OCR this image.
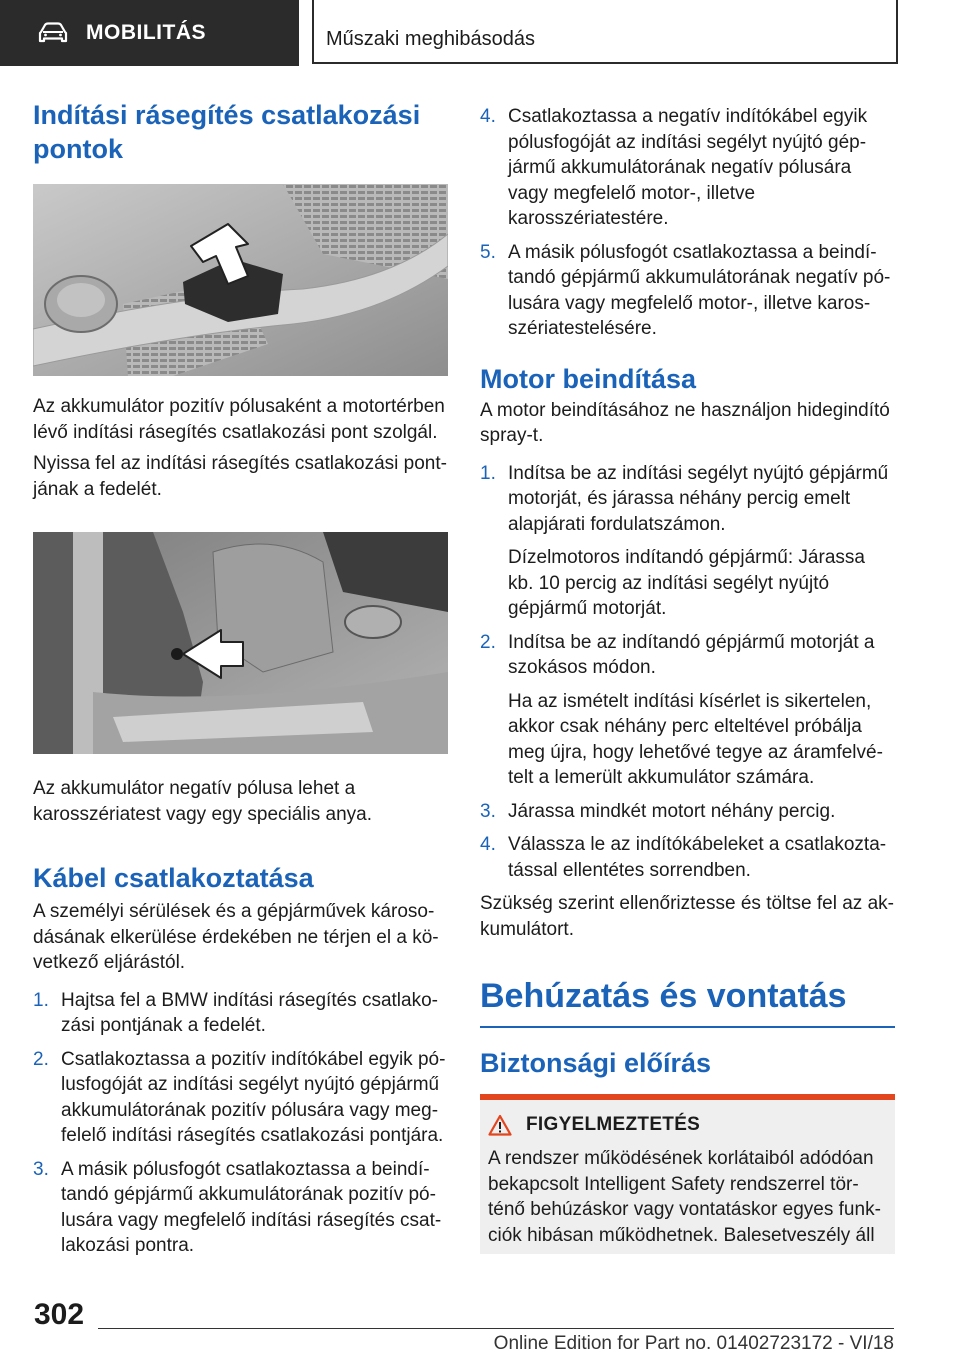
MOBILITÁS	Műszaki meghibásodás
Indítási rásegítés csatlakozási pontok

Az akkumulátor pozitív pólusaként a motortérben lévő indítási rásegítés csatlakozási pont szolgál.

Nyissa fel az indítási rásegítés csatlakozási pontjának a fedelét.

Az akkumulátor negatív pólusa lehet a karosszériatest vagy egy speciális anya.

Kábel csatlakoztatása

A személyi sérülések és a gépjárművek károsodásának elkerülése érdekében ne térjen el a következő eljárástól.

1. Hajtsa fel a BMW indítási rásegítés csatlakozási pontjának a fedelét.
2. Csatlakoztassa a pozitív indítókábel egyik pólusfogóját az indítási segélyt nyújtó gépjármű akkumulátorának pozitív pólusára vagy megfelelő indítási rásegítés csatlakozási pontjára.
3. A másik pólusfogót csatlakoztassa a beindítandó gépjármű akkumulátorának pozitív pólusára vagy megfelelő indítási rásegítés csatlakozási pontra.
4. Csatlakoztassa a negatív indítókábel egyik pólusfogóját az indítási segélyt nyújtó gépjármű akkumulátorának negatív pólusára vagy megfelelő motor-, illetve karosszériatestére.
5. A másik pólusfogót csatlakoztassa a beindítandó gépjármű akkumulátorának negatív pólusára vagy megfelelő motor-, illetve karosszériatestelésére.
Motor beindítása

A motor beindításához ne használjon hidegindító spray-t.

1. Indítsa be az indítási segélyt nyújtó gépjármű motorját, és járassa néhány percig emelt alapjárati fordulatszámon.
Dízelmotoros indítandó gépjármű: Járassa kb. 10 percig az indítási segélyt nyújtó gépjármű motorját.
2. Indítsa be az indítandó gépjármű motorját a szokásos módon.
Ha az ismételt indítási kísérlet is sikertelen, akkor csak néhány perc elteltével próbálja meg újra, hogy lehetővé tegye az áramfelvételt a lemerült akkumulátor számára.
3. Járassa mindkét motort néhány percig.
4. Válassza le az indítókábeleket a csatlakoztatással ellentétes sorrendben.

Szükség szerint ellenőriztesse és töltse fel az akkumulátort.

Behúzatás és vontatás
Biztonsági előírás
FIGYELMEZTETÉS

A rendszer működésének korlátaiból adódóan bekapcsolt Intelligent Safety rendszerrel történő behúzáskor vagy vontatáskor egyes funkciók hibásan működhetnek. Balesetveszély áll

302
Online Edition for Part no. 01402723172 - VI/18
